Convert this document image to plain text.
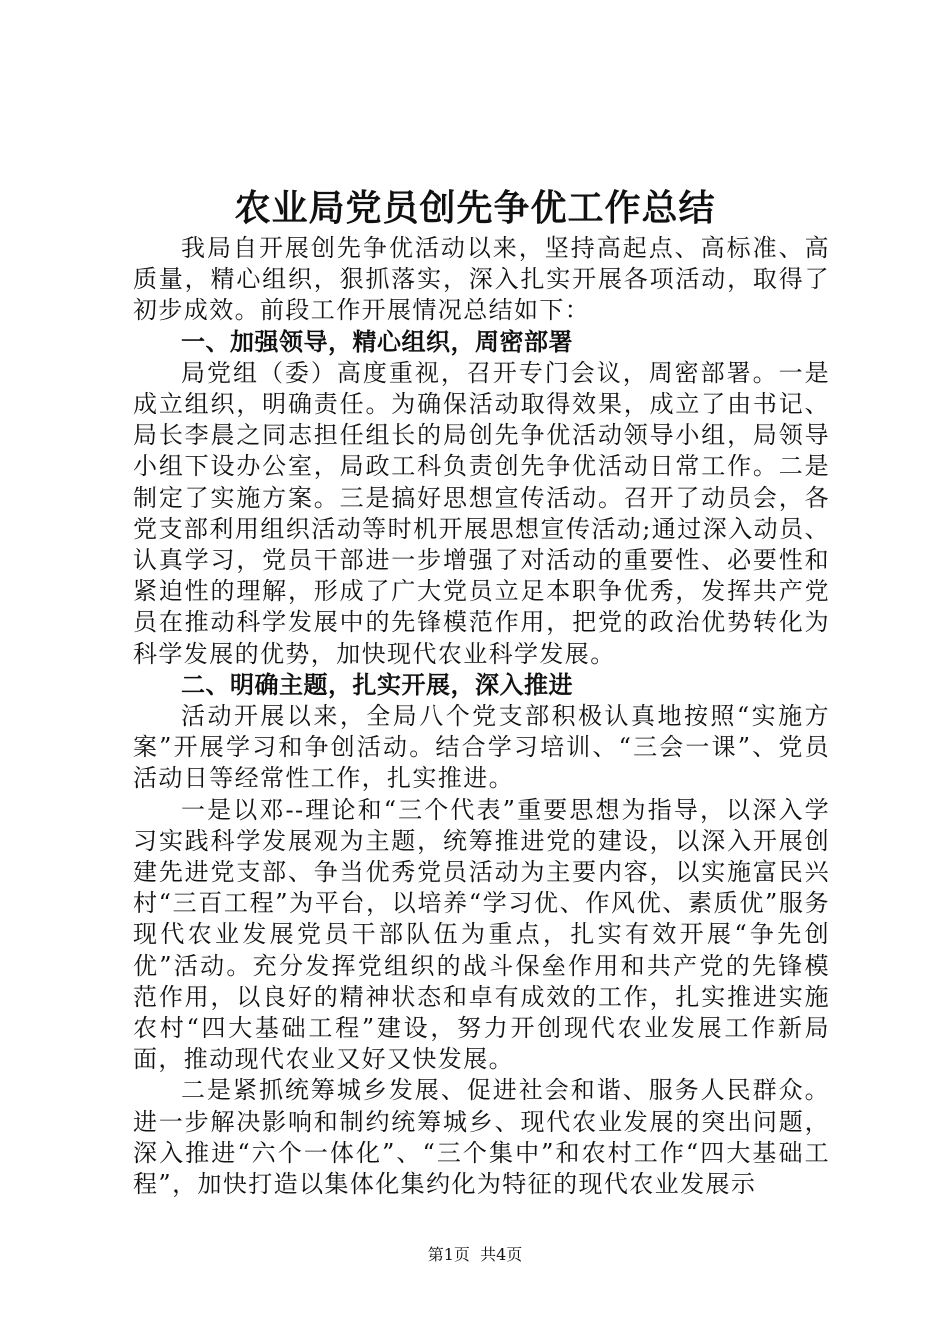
农业局党员创先争优工作总结

我局自开展创先争优活动以来，坚持高起点、高标准、高质量，精心组织，狠抓落实，深入扎实开展各项活动，取得了初步成效。前段工作开展情况总结如下：

一、加强领导，精心组织，周密部署

局党组（委）高度重视，召开专门会议，周密部署。一是成立组织，明确责任。为确保活动取得效果，成立了由书记、局长李晨之同志担任组长的局创先争优活动领导小组，局领导小组下设办公室，局政工科负责创先争优活动日常工作。二是制定了实施方案。三是搞好思想宣传活动。召开了动员会，各党支部利用组织活动等时机开展思想宣传活动;通过深入动员、认真学习，党员干部进一步增强了对活动的重要性、必要性和紧迫性的理解，形成了广大党员立足本职争优秀，发挥共产党员在推动科学发展中的先锋模范作用，把党的政治优势转化为科学发展的优势，加快现代农业科学发展。

二、明确主题，扎实开展，深入推进

活动开展以来，全局八个党支部积极认真地按照“实施方案”开展学习和争创活动。结合学习培训、“三会一课”、党员活动日等经常性工作，扎实推进。

一是以邓--理论和“三个代表”重要思想为指导，以深入学习实践科学发展观为主题，统筹推进党的建设，以深入开展创建先进党支部、争当优秀党员活动为主要内容，以实施富民兴村“三百工程”为平台，以培养“学习优、作风优、素质优”服务现代农业发展党员干部队伍为重点，扎实有效开展“争先创优”活动。充分发挥党组织的战斗保垒作用和共产党的先锋模范作用，以良好的精神状态和卓有成效的工作，扎实推进实施农村“四大基础工程”建设，努力开创现代农业发展工作新局面，推动现代农业又好又快发展。

二是紧抓统筹城乡发展、促进社会和谐、服务人民群众。进一步解决影响和制约统筹城乡、现代农业发展的突出问题，深入推进“六个一体化”、“三个集中”和农村工作“四大基础工程”，加快打造以集体化集约化为特征的现代农业发展示

第1页 共4页
